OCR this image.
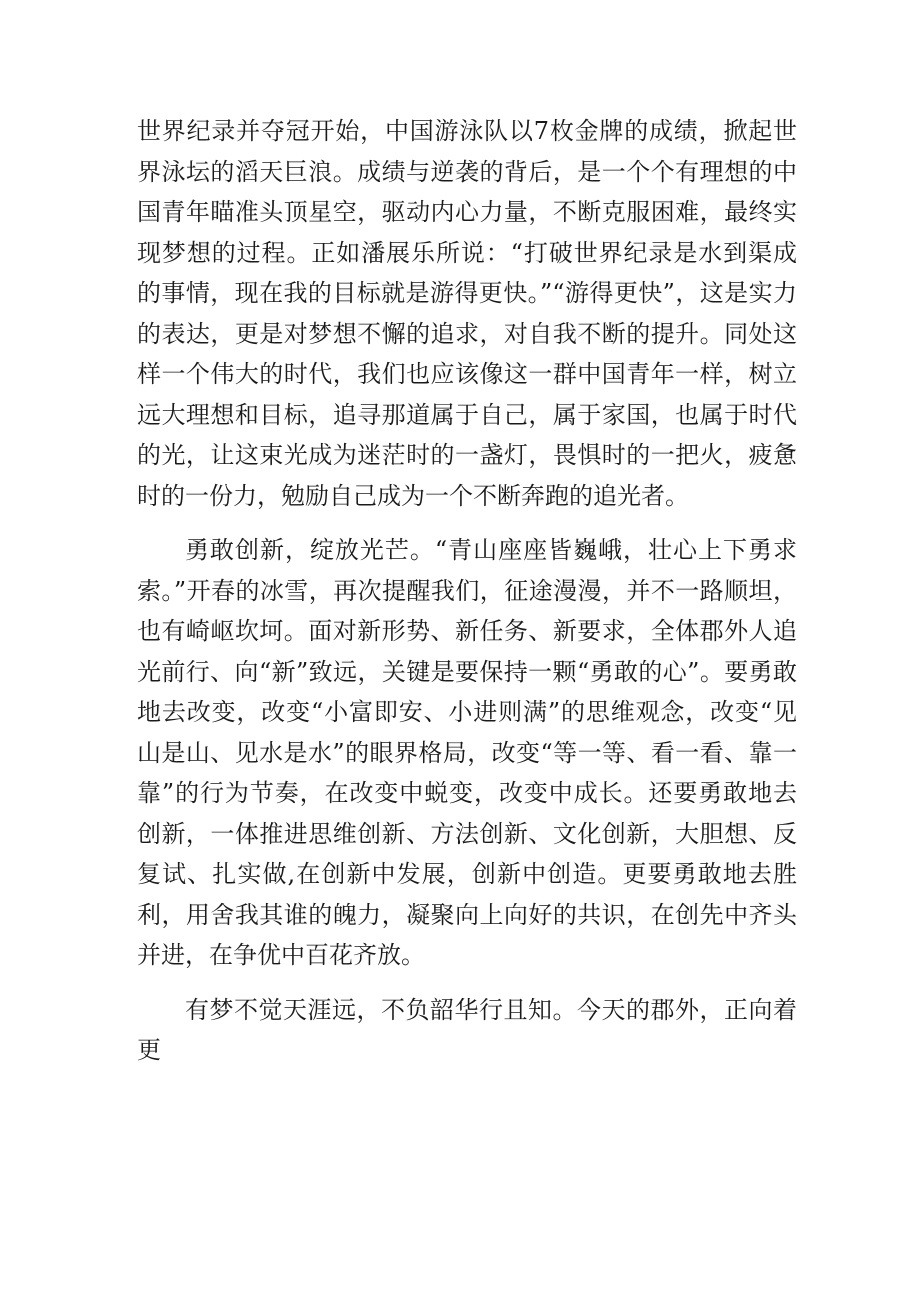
世界纪录并夺冠开始，中国游泳队以7枚金牌的成绩，掀起世界泳坛的滔天巨浪。成绩与逆袭的背后，是一个个有理想的中国青年瞄准头顶星空，驱动内心力量，不断克服困难，最终实现梦想的过程。正如潘展乐所说：“打破世界纪录是水到渠成的事情，现在我的目标就是游得更快。”“游得更快”，这是实力的表达，更是对梦想不懈的追求，对自我不断的提升。同处这样一个伟大的时代，我们也应该像这一群中国青年一样，树立远大理想和目标，追寻那道属于自己，属于家国，也属于时代的光，让这束光成为迷茫时的一盏灯，畏惧时的一把火，疲惫时的一份力，勉励自己成为一个不断奔跑的追光者。

勇敢创新，绽放光芒。“青山座座皆巍峨，壮心上下勇求索。”开春的冰雪，再次提醒我们，征途漫漫，并不一路顺坦，也有崎岖坎坷。面对新形势、新任务、新要求，全体郡外人追光前行、向“新”致远，关键是要保持一颗“勇敢的心”。要勇敢地去改变，改变“小富即安、小进则满”的思维观念，改变“见山是山、见水是水”的眼界格局，改变“等一等、看一看、靠一靠”的行为节奏，在改变中蜕变，改变中成长。还要勇敢地去创新，一体推进思维创新、方法创新、文化创新，大胆想、反复试、扎实做,在创新中发展，创新中创造。更要勇敢地去胜利，用舍我其谁的魄力，凝聚向上向好的共识，在创先中齐头并进，在争优中百花齐放。

有梦不觉天涯远，不负韶华行且知。今天的郡外，正向着更
